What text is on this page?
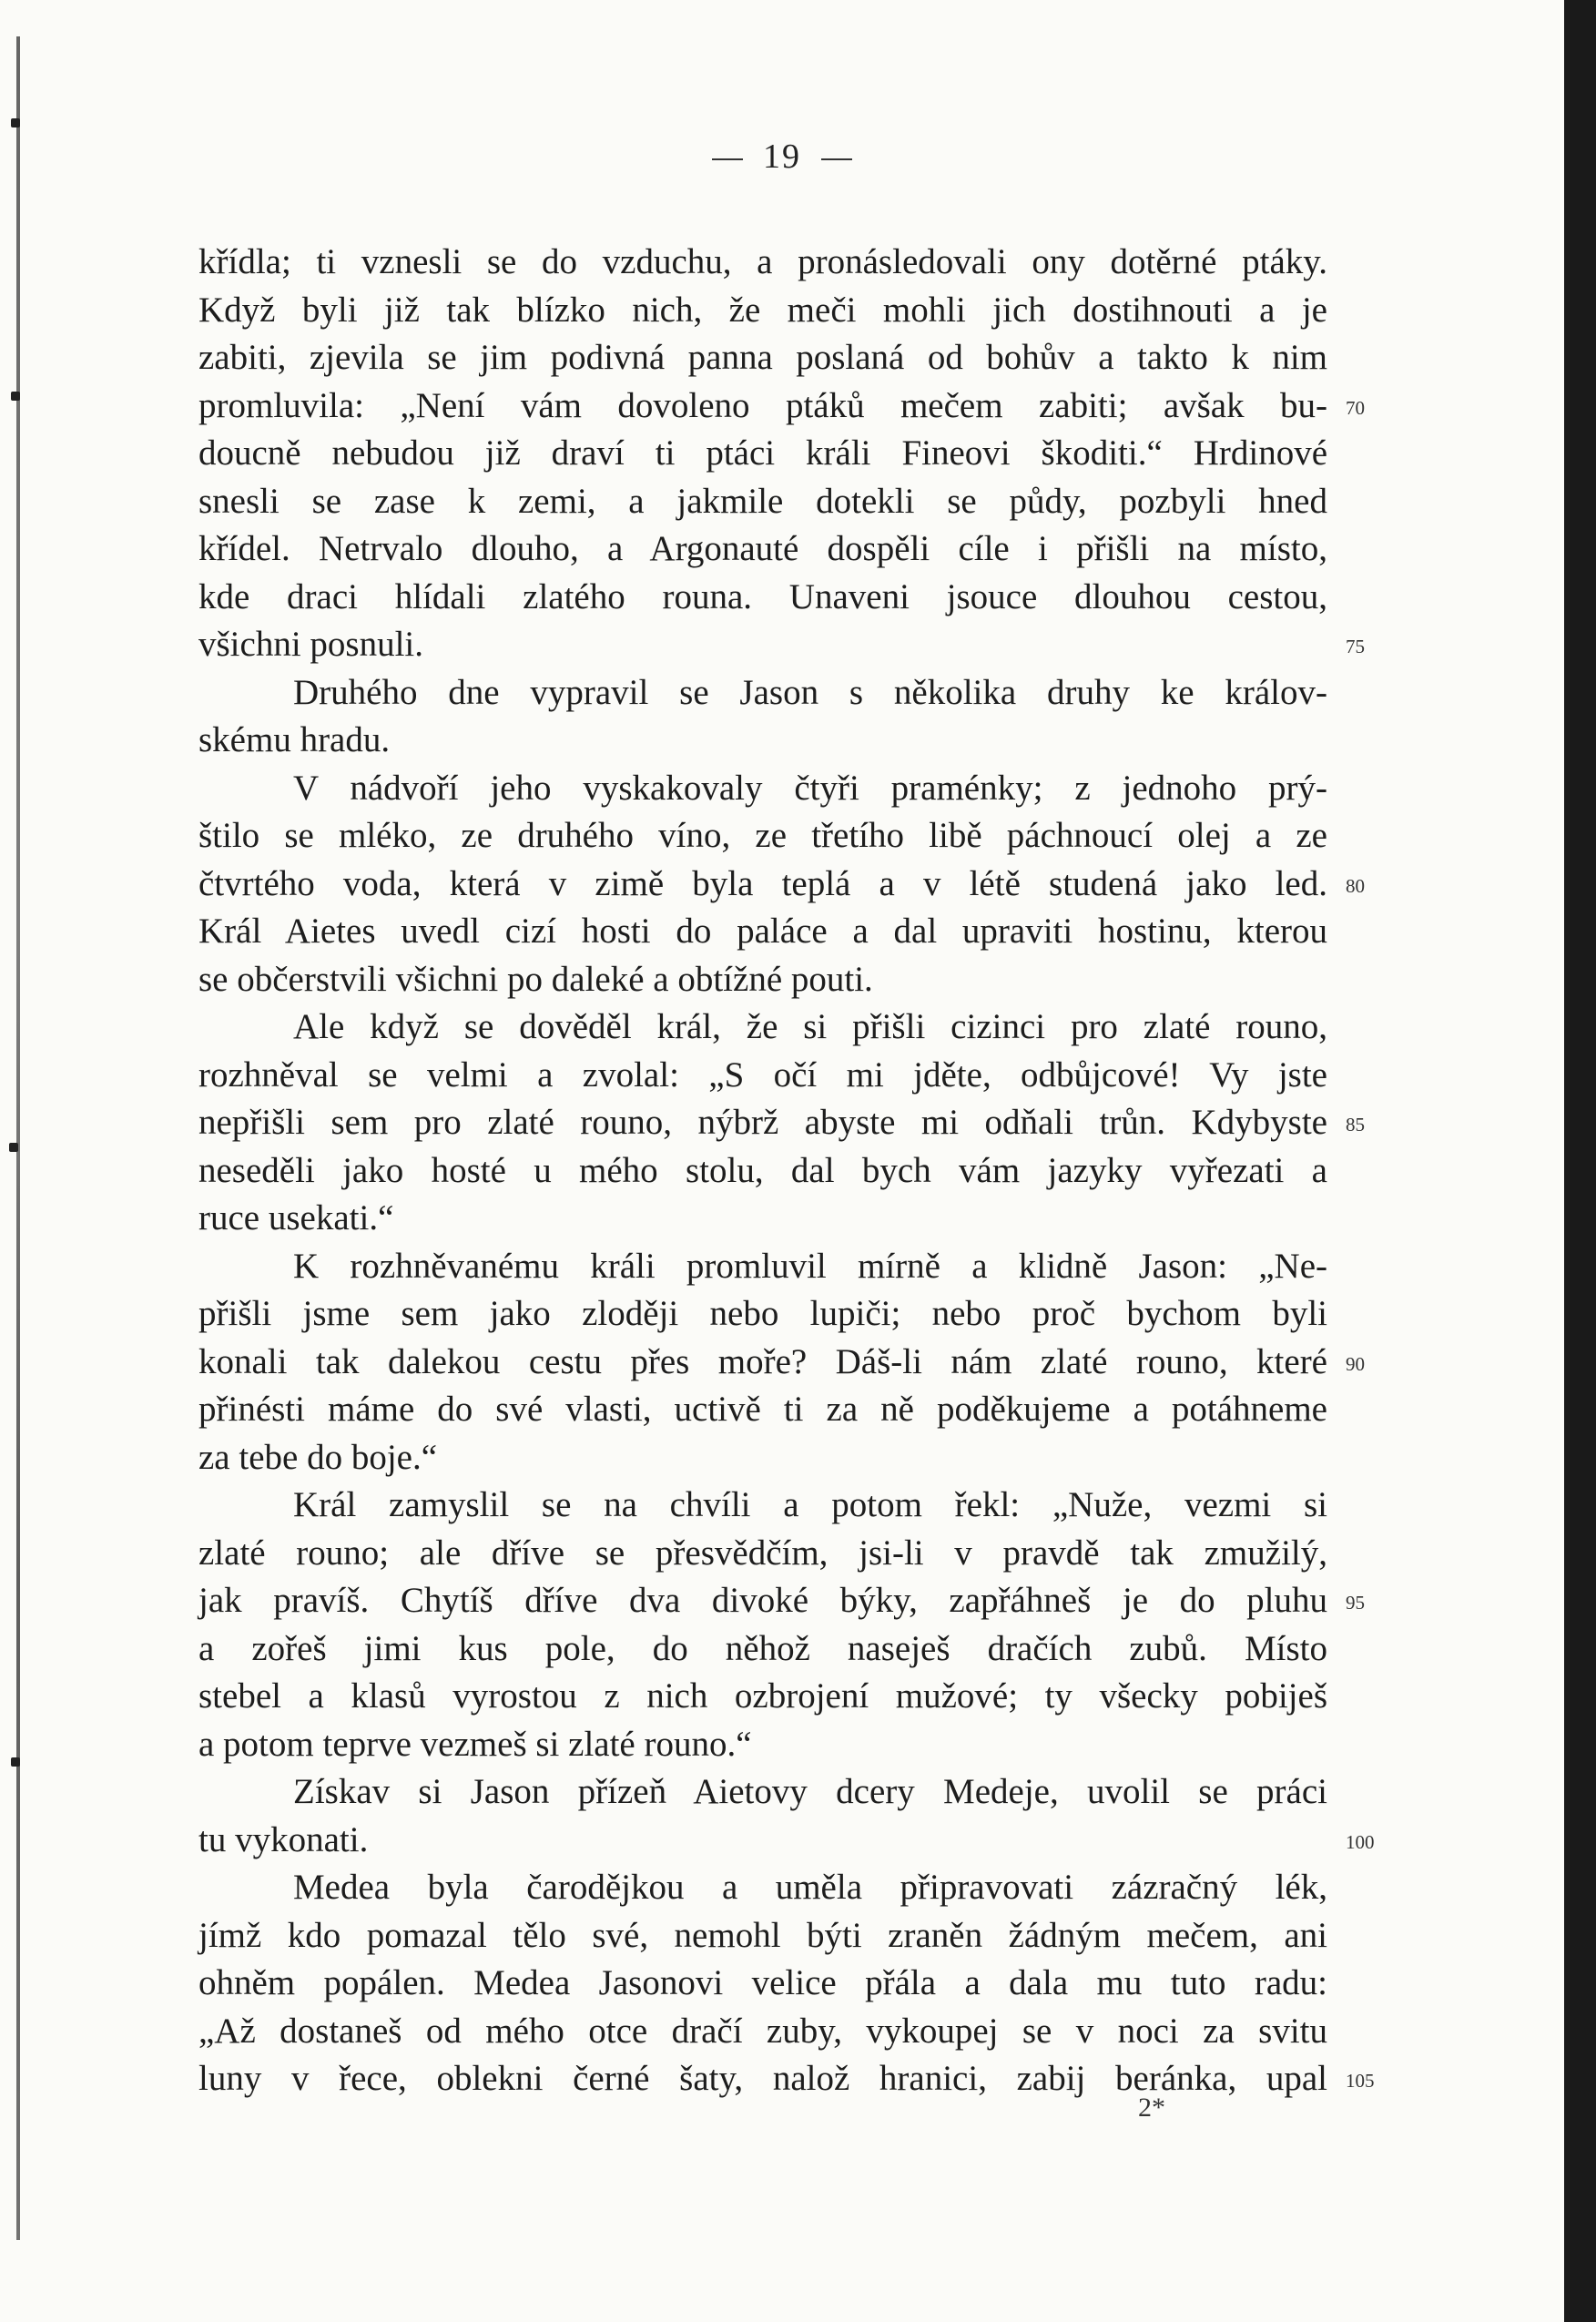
19
křídla; ti vznesli se do vzduchu, a pronásledovali ony dotěrné ptáky.
Když byli již tak blízko nich, že meči mohli jich dostihnouti a je
zabiti, zjevila se jim podivná panna poslaná od bohův a takto k nim
promluvila: „Není vám dovoleno ptáků mečem zabiti; avšak bu-
doucně nebudou již draví ti ptáci králi Fineovi škoditi.“ Hrdinové
snesli se zase k zemi, a jakmile dotekli se půdy, pozbyli hned
křídel. Netrvalo dlouho, a Argonauté dospěli cíle i přišli na místo,
kde draci hlídali zlatého rouna. Unaveni jsouce dlouhou cestou,
všichni posnuli.
Druhého dne vypravil se Jason s několika druhy ke králov-
skému hradu.
V nádvoří jeho vyskakovaly čtyři praménky; z jednoho prý-
štilo se mléko, ze druhého víno, ze třetího libě páchnoucí olej a ze
čtvrtého voda, která v zimě byla teplá a v létě studená jako led.
Král Aietes uvedl cizí hosti do paláce a dal upraviti hostinu, kterou
se občerstvili všichni po daleké a obtížné pouti.
Ale když se dověděl král, že si přišli cizinci pro zlaté rouno,
rozhněval se velmi a zvolal: „S očí mi jděte, odbůjcové! Vy jste
nepřišli sem pro zlaté rouno, nýbrž abyste mi odňali trůn. Kdybyste
neseděli jako hosté u mého stolu, dal bych vám jazyky vyřezati a
ruce usekati.“
K rozhněvanému králi promluvil mírně a klidně Jason: „Ne-
přišli jsme sem jako zloději nebo lupiči; nebo proč bychom byli
konali tak dalekou cestu přes moře? Dáš-li nám zlaté rouno, které
přinésti máme do své vlasti, uctivě ti za ně poděkujeme a potáhneme
za tebe do boje.“
Král zamyslil se na chvíli a potom řekl: „Nuže, vezmi si
zlaté rouno; ale dříve se přesvědčím, jsi-li v pravdě tak zmužilý,
jak pravíš. Chytíš dříve dva divoké býky, zapřáhneš je do pluhu
a zořeš jimi kus pole, do něhož naseješ dračích zubů. Místo
stebel a klasů vyrostou z nich ozbrojení mužové; ty všecky pobiješ
a potom teprve vezmeš si zlaté rouno.“
Získav si Jason přízeň Aietovy dcery Medeje, uvolil se práci
tu vykonati.
Medea byla čarodějkou a uměla připravovati zázračný lék,
jímž kdo pomazal tělo své, nemohl býti zraněn žádným mečem, ani
ohněm popálen. Medea Jasonovi velice přála a dala mu tuto radu:
„Až dostaneš od mého otce dračí zuby, vykoupej se v noci za svitu
luny v řece, oblekni černé šaty, nalož hranici, zabij beránka, upal
70
75
80
85
90
95
100
105
2*
